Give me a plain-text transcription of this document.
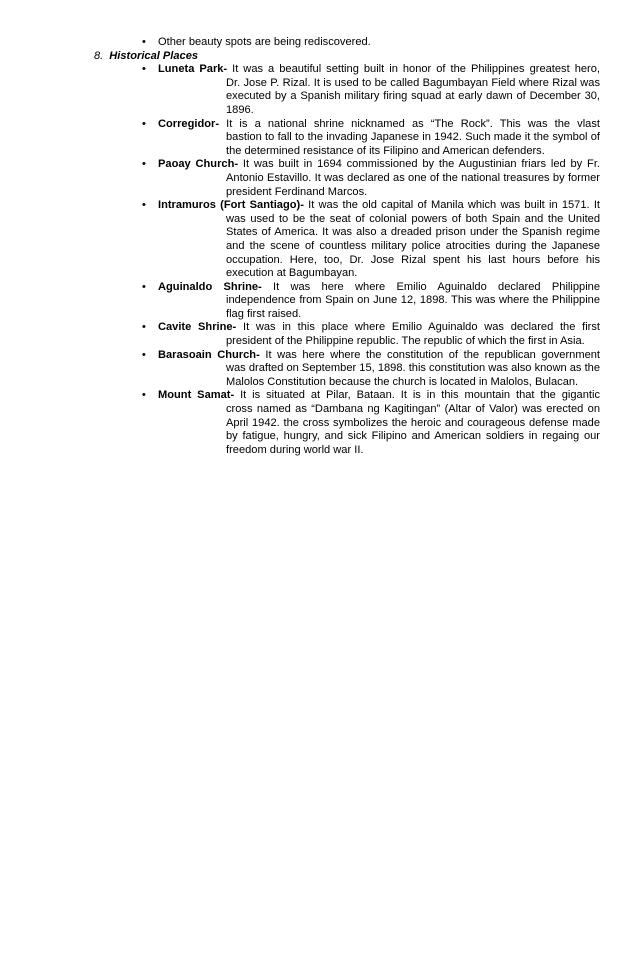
• Other beauty spots are being rediscovered.
8. Historical Places
• Luneta Park- It was a beautiful setting built in honor of the Philippines greatest hero,
Dr. Jose P. Rizal. It is used to be called Bagumbayan Field where Rizal was executed by a Spanish military firing squad at early dawn of December 30, 1896.
• Corregidor- It is a national shrine nicknamed as “The Rock”. This was the vlast
bastion to fall to the invading Japanese in 1942. Such made it the symbol of the determined resistance of its Filipino and American defenders.
• Paoay Church- It was built in 1694 commissioned by the Augustinian friars led by Fr.
Antonio Estavillo. It was declared as one of the national treasures by former president Ferdinand Marcos.
• Intramuros (Fort Santiago)- It was the old capital of Manila which was built in 1571. It
was used to be the seat of colonial powers of both Spain and the United States of America. It was also a dreaded prison under the Spanish regime and the scene of countless military police atrocities during the Japanese occupation. Here, too, Dr. Jose Rizal spent his last hours before his execution at Bagumbayan.
• Aguinaldo Shrine- It was here where Emilio Aguinaldo declared Philippine
independence from Spain on June 12, 1898. This was where the Philippine flag first raised.
• Cavite Shrine- It was in this place where Emilio Aguinaldo was declared the first
president of the Philippine republic. The republic of which the first in Asia.
• Barasoain Church- It was here where the constitution of the republican government
was drafted on September 15, 1898. this constitution was also known as the Malolos Constitution because the church is located in Malolos, Bulacan.
• Mount Samat- It is situated at Pilar, Bataan. It is in this mountain that the gigantic
cross named as “Dambana ng Kagitingan” (Altar of Valor) was erected on April 1942. the cross symbolizes the heroic and courageous defense made by fatigue, hungry, and sick Filipino and American soldiers in regaing our freedom during world war II.
